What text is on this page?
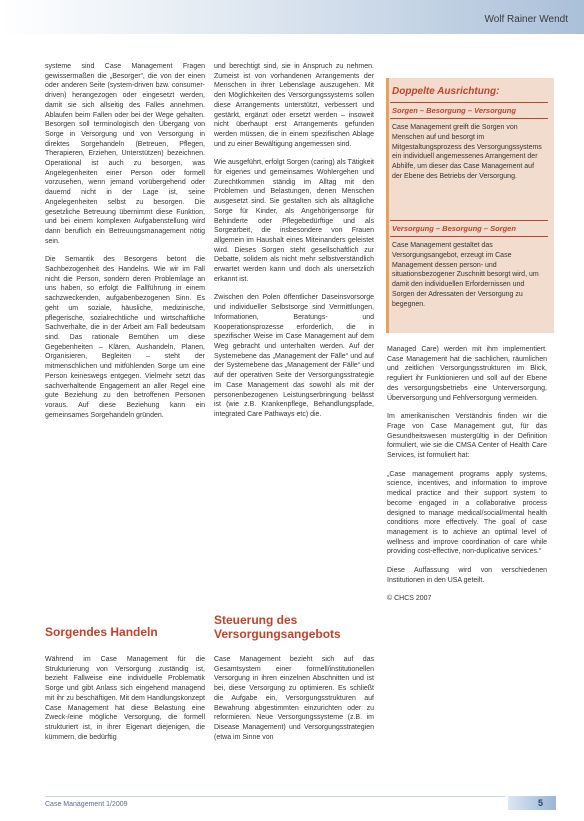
Wolf Rainer Wendt

systeme sind Case Management Fragen gewissermaßen die „Besorger“, die von der einen oder anderen Seite (system-driven bzw. consumer-driven) herangezogen oder eingesetzt werden, damit sie sich allseitig des Falles annehmen. Ablaufen beim Fallen oder bei der Wege gehalten. Besorgen soll terminologisch den Übergang von Sorge in Versorgung und von Versorgung in direktes Sorgehandeln (Betreuen, Pflegen, Therapieren, Erziehen, Unterstützen) bezeichnen. Operational ist auch zu besorgen, was Angelegenheiten einer Person oder formell vorzusehen, wenn jemand vorübergehend oder dauernd nicht in der Lage ist, seine Angelegenheiten selbst zu besorgen. Die gesetzliche Betreuung übernimmt diese Funktion, und bei einem komplexen Aufgabenstellung wird dann beruflich ein Betreuungsmanagement nötig sein.

Die Semantik des Besorgens betont die Sachbezogenheit des Handelns. Wie wir im Fall nicht die Person, sondern deren Problemlage an uns haben, so erfolgt die Fallführung in einem sachzweckenden, aufgabenbezogenen Sinn. Es geht um soziale, häusliche, medizinische, pflegerische, sozialrechtliche und wirtschaftliche Sachverhalte, die in der Arbeit am Fall bedeutsam sind. Das rationale Bemühen um diese Gegebenheiten – Klären, Aushandeln, Planen, Organisieren, Begleiten – steht der mitmenschlichen und mitfühlenden Sorge um eine Person keineswegs entgegen. Vielmehr setzt das sachverhaltende Engagement an aller Regel eine gute Beziehung zu den betroffenen Personen voraus. Auf diese Beziehung kann ein gemeinsames Sorgehandeln gründen.

Sorgendes Handeln
Während im Case Management für die Strukturierung von Versorgung zuständig ist, bezieht Fallweise eine individuelle Problematik Sorge und gibt Anlass sich eingehend managend mit ihr zu beschäftigen. Mit dem Handlungskonzept Case Management hat diese Belastung eine Zweck-/eine mögliche Versorgung, die formell strukturiert ist, in ihrer Eigenart diejenigen, die kümmern, die bedürftig

und berechtigt sind, sie in Anspruch zu nehmen. Zumeist ist von vorhandenen Arrangements der Menschen in ihrer Lebenslage auszugehen. Mit den Möglichkeiten des Versorgungssystems sollen diese Arrangements unterstützt, verbessert und gestärkt, ergänzt oder ersetzt werden – insoweit nicht überhaupt erst Arrangements gefunden werden müssen, die in einem spezifischen Ablage und zu einer Bewältigung angemessen sind.

Wie ausgeführt, erfolgt Sorgen (caring) als Tätigkeit für eigenes und gemeinsames Wohlergehen und Zurechtkommen ständig im Alltag mit den Problemen und Belastungen, denen Menschen ausgesetzt sind. Sie gestalten sich als alltägliche Sorge für Kinder, als Angehörigensorge für Behinderte oder Pflegebedürftige und als Sorgearbeit, die insbesondere von Frauen allgemein im Haushalt eines Miteinanders geleistet wird. Dieses Sorgen steht gesellschaftlich zur Debatte, solidem als nicht mehr selbstverständlich erwartet werden kann und doch als unersetzlich erkannt ist.

Zwischen den Polen öffentlicher Daseinsvorsorge und individueller Selbstsorge sind Vermittlungen, Informationen, Beratungs- und Kooperationsprozesse erforderlich, die in spezifischer Weise im Case Management auf dem Weg gebracht und unterhalten werden. Auf der Systemebene das „Management der Fälle“ und auf der Systemebene das „Management der Fälle“ und auf der operativen Seite der Versorgungsstrategie im Case Management das sowohl als mit der personenbezogenen Leistungserbringung belässt ist (wie z.B. Krankenpflege, Behandlungspfade, integrated Care Pathways etc) die.

Steuerung des
Versorgungsangebots
Case Management bezieht sich auf das Gesamtsystem einer formell/institutionellen Versorgung in ihren einzelnen Abschnitten und ist bei, diese Versorgung zu optimieren. Es schließt die Aufgabe ein, Versorgungsstrukturen auf Bewahrung abgestimmten einzurichten oder zu reformieren. Neue Versorgungssysteme (z.B. im Disease Management) und Versorgungsstrategien (etwa im Sinne von
Doppelte Ausrichtung:
Sorgen – Besorgung – Versorgung
Case Management greift die Sorgen von Menschen auf und besorgt im Mitgestaltungsprozess des Versorgungssystems ein individuell angemessenes Arrangement der Abhilfe, um dieser das Case Management auf der Ebene des Betriebs der Versorgung.
Versorgung – Besorgung – Sorgen
Case Management gestaltet das Versorgungsangebot, erzeugt im Case Management dessen person- und situationsbezogener Zuschnitt besorgt wird, um damit den individuellen Erfordernissen und Sorgen der Adressaten der Versorgung zu begegnen.

Managed Care) werden mit ihm implementiert. Case Management hat die sachlichen, räumlichen und zeitlichen Versorgungsstrukturen im Blick, reguliert ihr Funktionieren und soll auf der Ebene des versorgungsbetriebs eine Unterversorgung, Überversorgung und Fehlversorgung vermeiden.

Im amerikanischen Verständnis finden wir die Frage von Case Management gut, für das Gesundheitswesen mustergültig in der Definition formuliert, wie sie die CMSA Center of Health Care Services, ist formuliert hat:

„Case management programs apply systems, science, incentives, and information to improve medical practice and their support system to become engaged in a collaborative process designed to manage medical/social/mental health conditions more effectively. The goal of case management is to achieve an optimal level of wellness and improve coordination of care while providing cost-effective, non-duplicative services.“

Diese Auffassung wird von verschiedenen Institutionen in den USA geteilt.

© CHCS 2007

Case Management 1/2009	5
